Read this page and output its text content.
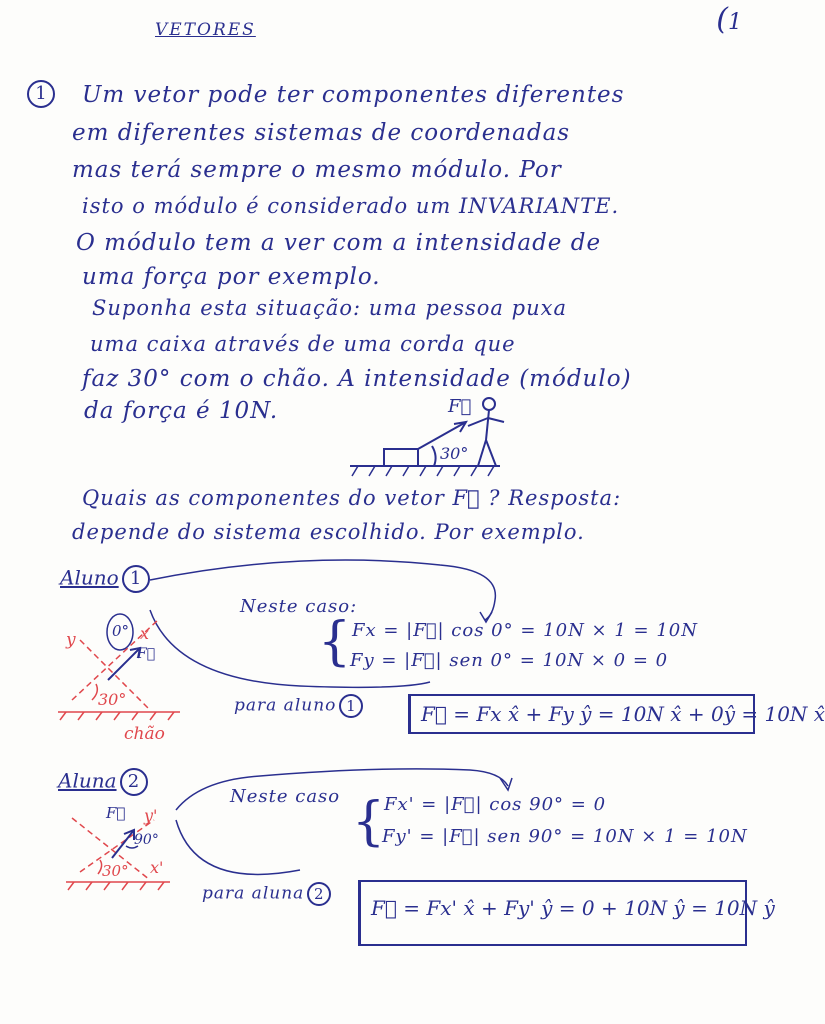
VETORES	(1
1	Um vetor pode ter componentes diferentes
em diferentes sistemas de coordenadas
mas terá sempre o mesmo módulo. Por
isto o módulo é considerado um INVARIANTE.
O módulo tem a ver com a intensidade de
uma força por exemplo.
Suponha esta situação: uma pessoa puxa
uma caixa através de uma corda que
faz 30° com o chão. A intensidade (módulo)
da força é 10N.	F⃗
30°
Quais as componentes do vetor F⃗ ? Resposta:
depende do sistema escolhido. Por exemplo.
Aluno 1
y	x
0°
F⃗
30°
chão
Neste caso:
{ Fx = |F⃗| cos 0° = 10N × 1 = 10N
Fy = |F⃗| sen 0° = 10N × 0 = 0
para aluno 1	F⃗ = Fx x̂ + Fy ŷ = 10N x̂ + 0ŷ = 10N x̂
Aluna 2
F⃗ y'
90°
x'
30°
Neste caso {
Fx' = |F⃗| cos 90° = 0
Fy' = |F⃗| sen 90° = 10N × 1 = 10N
para aluna 2
F⃗ = Fx' x̂ + Fy' ŷ = 0 + 10N ŷ = 10N ŷ
